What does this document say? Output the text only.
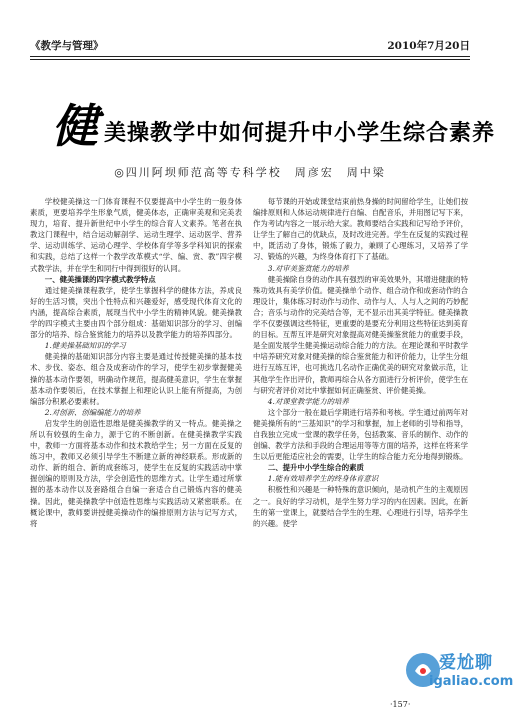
《教学与管理》	2010年7月20日
健 美操教学中如何提升中小学生综合素养
◎四川阿坝师范高等专科学校　周彦宏　周中梁

学校健美操这一门体育课程不仅要提高中小学生的一般身体素质，更要培养学生形象气质，健美体态，正确审美观和完美表现力，培育、提升新世纪中小学生的综合育人文素养。笔者在执教这门课程中，结合运动解剖学、运动生理学、运动医学、营养学、运动训练学、运动心理学、学校体育学等多学科知识的探索和实践，总结了这样一个教学改革模式“学、编、赏、教”四字模式教学法，并在学生和同行中得到很好的认同。

一、健美操课的四字模式教学特点

通过健美操课程教学，使学生掌握科学的健体方法，养成良好的生活习惯，突出个性特点和兴趣爱好，感受现代体育文化的内涵，提高综合素质，展现当代中小学生的精神风貌。健美操教学的四字模式主要由四个部分组成：基础知识部分的学习、创编部分的培养、综合鉴赏能力的培养以及教学能力的培养四部分。

1.健美操基础知识的学习

健美操的基础知识部分内容主要是通过传授健美操的基本技术、步伐、姿态、组合及成套动作的学习，使学生初步掌握健美操的基本动作要领，明确动作规范，提高健美意识，学生在掌握基本动作要领后，在技术掌握上和理论认识上能有所提高，为创编部分积累必要素材。

2.对创新、创编编能力的培养

启发学生的创造性思维是健美操教学的又一特点。健美操之所以有较强的生命力，源于它的不断创新。在健美操教学实践中，教师一方面将基本动作和技术教给学生；另一方面在反复的练习中，教师又必须引导学生不断建立新的神经联系。形成新的动作、新的组合、新的成套练习，使学生在反复的实践活动中掌握创编的原则及方法，学会创造性的思维方式。让学生通过所掌握的基本动作以及套路组合自编一套适合自己锻炼内容的健美操。因此，健美操教学中创造性思维与实践活动又紧密联系。在概论课中，教师要讲授健美操动作的编排原则方法与记写方式，将

每节课的开始或课堂结束前热身操的时间留给学生，让她们按编排原则和人体运动规律进行自编、自配音乐，并用图记写下来，作为考试内容之一展示给大家。教师要结合实践和记写给予评价，让学生了解自己的优缺点，及时改进完善。学生在反复的实践过程中，既活动了身体，锻炼了毅力，兼顾了心理练习，又培养了学习、锻炼的兴趣，为终身体育打下了基础。

3.对审美鉴赏能力的培养

健美操除自身的动作具有强烈的审美效果外，其增进健康的特殊功效具有美学价值。健美操单个动作、组合动作和成套动作的合理设计，集体练习时动作与动作、动作与人、人与人之间的巧妙配合；音乐与动作的完美结合等，无不显示出其美学特征。健美操教学不仅要强调这些特征，更重要的是要充分利用这些特征达到美育的目标。互帮互评是研究对象提高对健美操鉴赏能力的重要手段，是全面发展学生健美操运动综合能力的方法。在理论课和平时教学中培养研究对象对健美操的综合鉴赏能力和评价能力，让学生分组进行互练互评，也可挑选几名动作正确优美的研究对象做示范，让其他学生作出评价，教师再综合从各方面进行分析评价，使学生在与研究者评价对比中掌握如何正确鉴赏、评价健美操。

4.对课堂教学能力的培养

这个部分一般在最后学期进行培养和考核。学生通过前两年对健美操所有的“三基知识”的学习和掌握，加上老师的引导和指导，自我独立完成一堂课的教学任务，包括教案、音乐的制作、动作的创编、教学方法和手段的合理运用等等方面的培养，这样在将来学生以后更能适应社会的需要，让学生的综合能力充分地得到锻炼。

二、提升中小学生综合的素质

1.能有效培养学生的终身体育意识

积极性和兴趣是一种特殊的意识倾向，是动机产生的主观原因之一。良好的学习动机，是学生努力学习的内在因素。因此，在新生的第一堂课上，就要结合学生的生理、心理进行引导，培养学生的兴趣。使学

·157·
爱尬聊
igaliao.com
